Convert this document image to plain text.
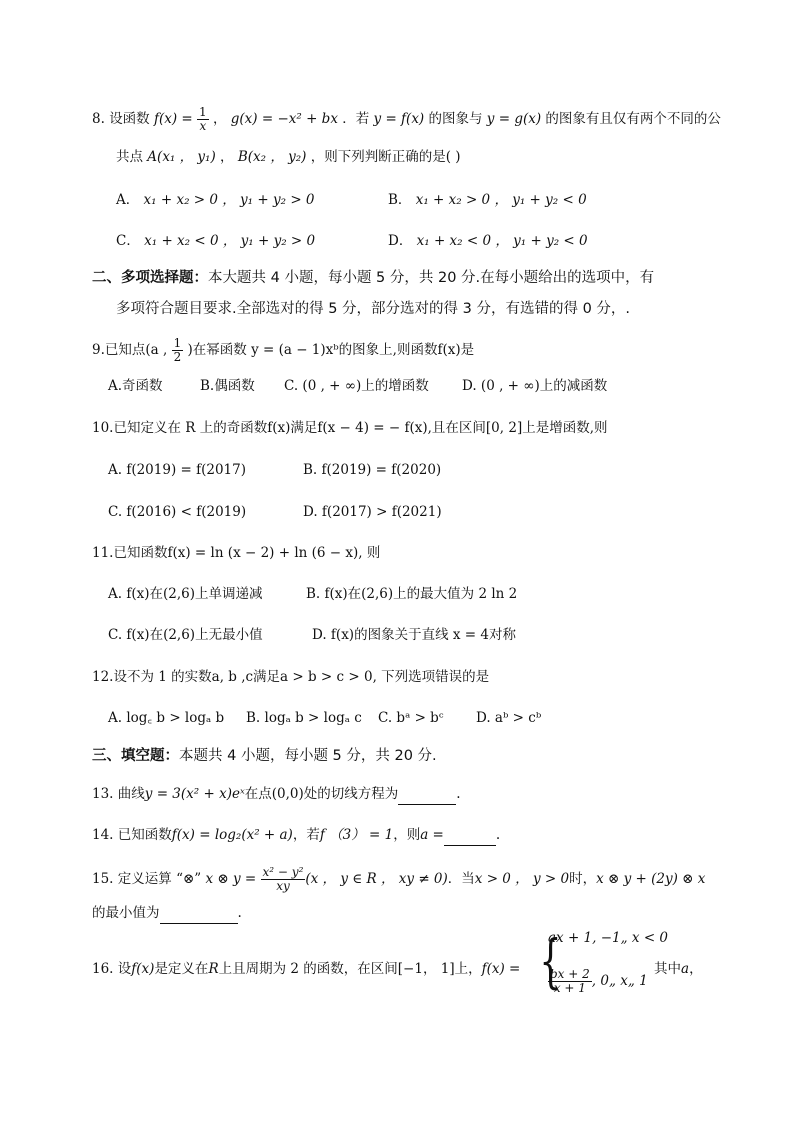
8. 设函数 $f(x) = \frac{1}{x}$ ， g(x) = −x² + bx ．若 y = f(x) 的图象与 y = g(x) 的图象有且仅有两个不同的公
共点 A(x₁ ， y₁) ， B(x₂ ， y₂) ，则下列判断正确的是( )
A． x₁ + x₂ > 0 ， y₁ + y₂ > 0	B． x₁ + x₂ > 0 ， y₁ + y₂ < 0
C． x₁ + x₂ < 0 ， y₁ + y₂ > 0	D． x₁ + x₂ < 0 ， y₁ + y₂ < 0
二、多项选择题：本大题共 4 小题，每小题 5 分，共 20 分.在每小题给出的选项中，有
多项符合题目要求.全部选对的得 5 分，部分选对的得 3 分，有选错的得 0 分，.
9.已知点(a , $\frac{1}{2}$ )在幂函数 y = (a − 1)xᵇ的图象上,则函数f(x)是
A.奇函数	B.偶函数 C. (0 , + ∞)上的增函数 D. (0 , + ∞)上的减函数
10.已知定义在 R 上的奇函数f(x)满足f(x − 4) = − f(x),且在区间[0, 2]上是增函数,则
A. f(2019) = f(2017)	B. f(2019) = f(2020)
C. f(2016) < f(2019)	D. f(2017) > f(2021)
11.已知函数f(x) = ln (x − 2) + ln (6 − x), 则
A. f(x)在(2,6)上单调递减	B. f(x)在(2,6)上的最大值为 2 ln 2
C. f(x)在(2,6)上无最小值	D. f(x)的图象关于直线 x = 4对称
12.设不为 1 的实数a, b ,c满足a > b > c > 0, 下列选项错误的是
A. log꜀ b > logₐ b B. logₐ b > logₐ c C. bᵃ > bᶜ D. aᵇ > cᵇ
三、填空题：本题共 4 小题，每小题 5 分，共 20 分.
13. 曲线y = 3(x² + x)eˣ在点(0,0)处的切线方程为	.
14. 已知函数f(x) = log₂(x² + a)，若f （3） = 1，则a =	.
15. 定义运算 “⊗” x ⊗ $y = \frac{\text{x² − y²}}{xy} (x$ ， y ∈ R ， xy ≠ 0)．当x > 0 ， y > 0时，x ⊗ y + (2y) ⊗ x
的最小值为	.
16. 设f(x)是定义在R上且周期为 2 的函数，在区间[−1， 1]上，f(x) = {
ax + 1, −1„ x < 0
$\frac{bx + 2}{x + 1}$ , 0„ x„ 1
其中a，
